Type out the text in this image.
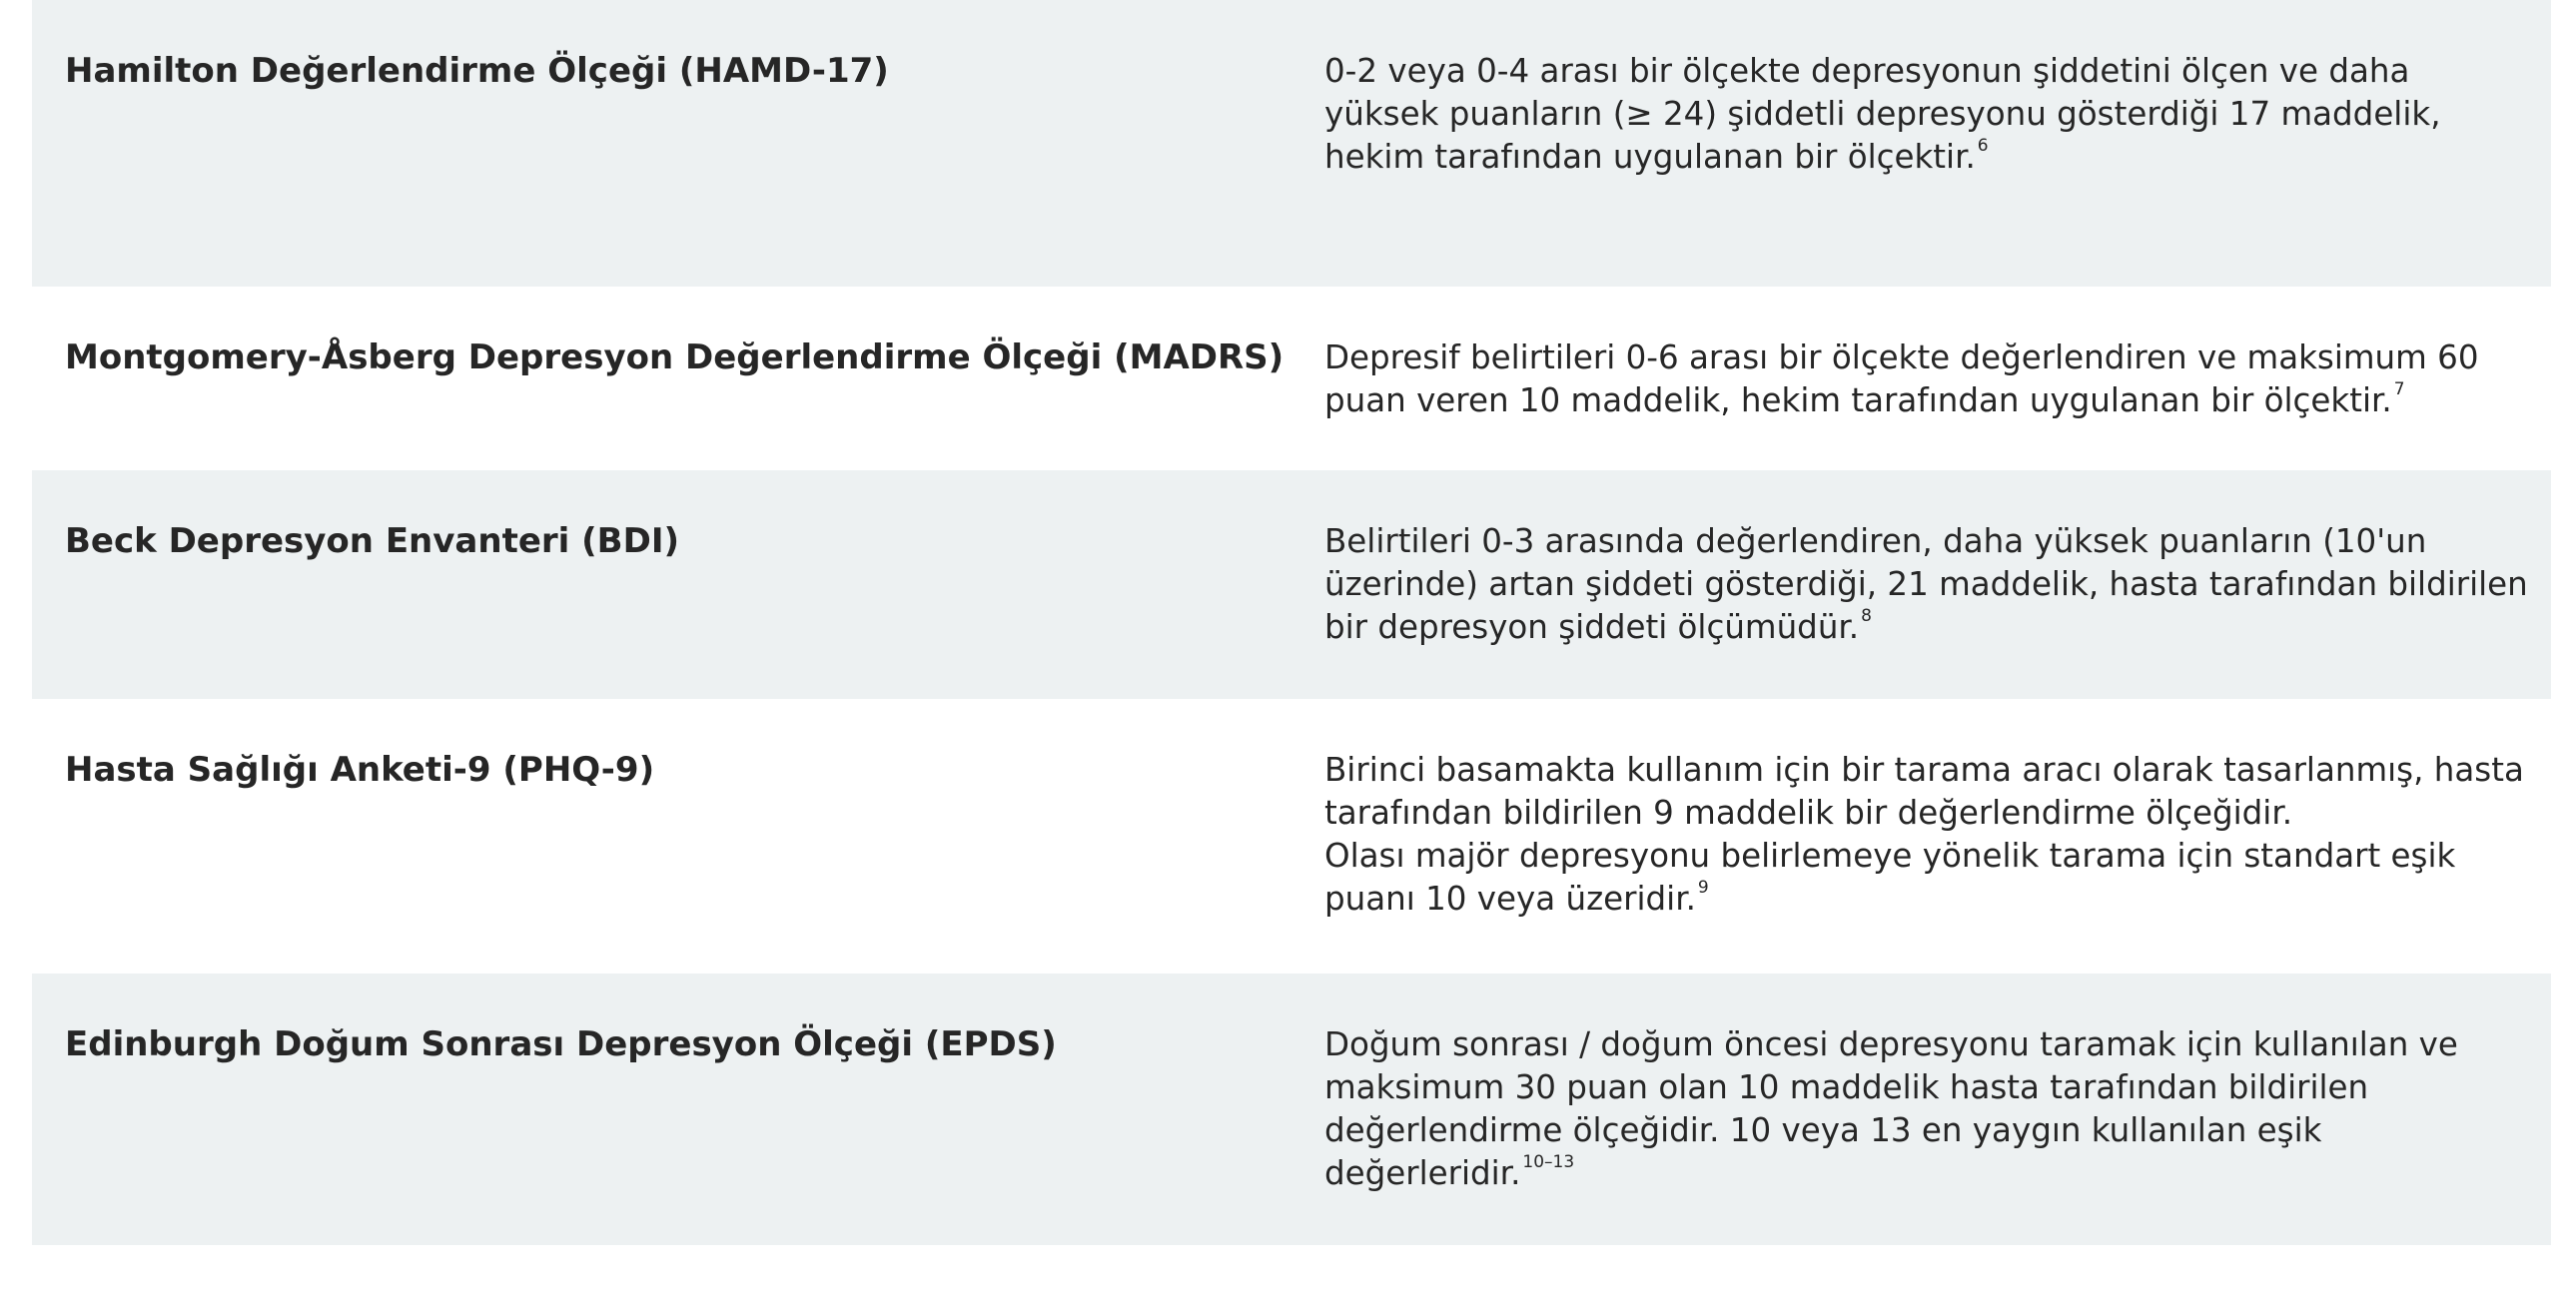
Hamilton Değerlendirme Ölçeği (HAMD-17)	0-2 veya 0-4 arası bir ölçekte depresyonun şiddetini ölçen ve daha yüksek puanların (≥ 24) şiddetli depresyonu gösterdiği 17 maddelik, hekim tarafından uygulanan bir ölçektir. $^6$
Montgomery-Åsberg Depresyon Değerlendirme Ölçeği (MADRS) Depresif belirtileri 0-6 arası bir ölçekte değerlendiren ve maksimum 60 puan veren 10 maddelik, hekim tarafından uygulanan bir ölçektir. $^7$
Beck Depresyon Envanteri (BDI)	Belirtileri 0-3 arasında değerlendiren, daha yüksek puanların (10'un üzerinde) artan şiddeti gösterdiği, 21 maddelik, hasta tarafından bildirilen bir depresyon şiddeti ölçümüdür. $^8$
Hasta Sağlığı Anketi-9 (PHQ-9)	Birinci basamakta kullanım için bir tarama aracı olarak tasarlanmış, hasta tarafından bildirilen 9 maddelik bir değerlendirme ölçeğidir.

Olası majör depresyonu belirlemeye yönelik tarama için standart eşik puanı 10 veya üzeridir. $^9$

Edinburgh Doğum Sonrası Depresyon Ölçeği (EPDS)	Doğum sonrası / doğum öncesi depresyonu taramak için kullanılan ve maksimum 30 puan olan 10 maddelik hasta tarafından bildirilen değerlendirme ölçeğidir. 10 veya 13 en yaygın kullanılan eşik değerleridir. $^{10-13}$
